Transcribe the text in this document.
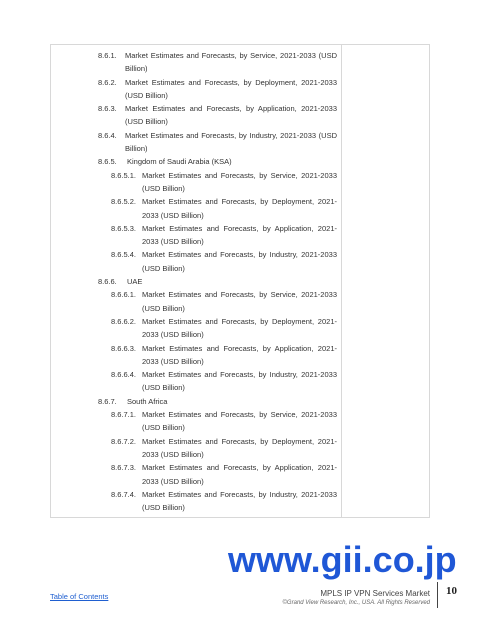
8.6.1. Market Estimates and Forecasts, by Service, 2021-2033 (USD Billion)
8.6.2. Market Estimates and Forecasts, by Deployment, 2021-2033 (USD Billion)
8.6.3. Market Estimates and Forecasts, by Application, 2021-2033 (USD Billion)
8.6.4. Market Estimates and Forecasts, by Industry, 2021-2033 (USD Billion)
8.6.5. Kingdom of Saudi Arabia (KSA)
8.6.5.1. Market Estimates and Forecasts, by Service, 2021-2033 (USD Billion)
8.6.5.2. Market Estimates and Forecasts, by Deployment, 2021-2033 (USD Billion)
8.6.5.3. Market Estimates and Forecasts, by Application, 2021-2033 (USD Billion)
8.6.5.4. Market Estimates and Forecasts, by Industry, 2021-2033 (USD Billion)
8.6.6. UAE
8.6.6.1. Market Estimates and Forecasts, by Service, 2021-2033 (USD Billion)
8.6.6.2. Market Estimates and Forecasts, by Deployment, 2021-2033 (USD Billion)
8.6.6.3. Market Estimates and Forecasts, by Application, 2021-2033 (USD Billion)
8.6.6.4. Market Estimates and Forecasts, by Industry, 2021-2033 (USD Billion)
8.6.7. South Africa
8.6.7.1. Market Estimates and Forecasts, by Service, 2021-2033 (USD Billion)
8.6.7.2. Market Estimates and Forecasts, by Deployment, 2021-2033 (USD Billion)
8.6.7.3. Market Estimates and Forecasts, by Application, 2021-2033 (USD Billion)
8.6.7.4. Market Estimates and Forecasts, by Industry, 2021-2033 (USD Billion)
www.gii.co.jp
Table of Contents	MPLS IP VPN Services Market
©Grand View Research, Inc., USA. All Rights Reserved
10
